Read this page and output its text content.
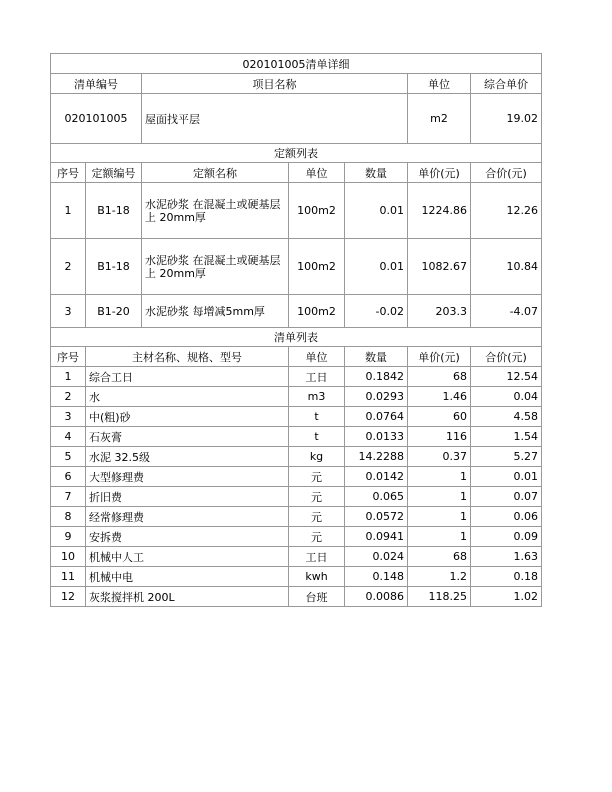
020101005清单详细						
清单编号		项目名称			单位	综合单价
020101005		屋面找平层			m2	19.02
定额列表						
序号	定额编号	定额名称	单位	数量	单价(元)	合价(元)
1	B1-18	水泥砂浆 在混凝土或硬基层上 20mm厚	100m2	0.01	1224.86	12.26
2	B1-18	水泥砂浆 在混凝土或硬基层上 20mm厚	100m2	0.01	1082.67	10.84
3	B1-20	水泥砂浆 每增减5mm厚	100m2	-0.02	203.3	-4.07
清单列表						
序号	主材名称、规格、型号		单位	数量	单价(元)	合价(元)
1	综合工日		工日	0.1842	68	12.54
2	水		m3	0.0293	1.46	0.04
3	中(粗)砂		t	0.0764	60	4.58
4	石灰膏		t	0.0133	116	1.54
5	水泥 32.5级		kg	14.2288	0.37	5.27
6	大型修理费		元	0.0142	1	0.01
7	折旧费		元	0.065	1	0.07
8	经常修理费		元	0.0572	1	0.06
9	安拆费		元	0.0941	1	0.09
10	机械中人工		工日	0.024	68	1.63
11	机械中电		kwh	0.148	1.2	0.18
12	灰浆搅拌机 200L		台班	0.0086	118.25	1.02
